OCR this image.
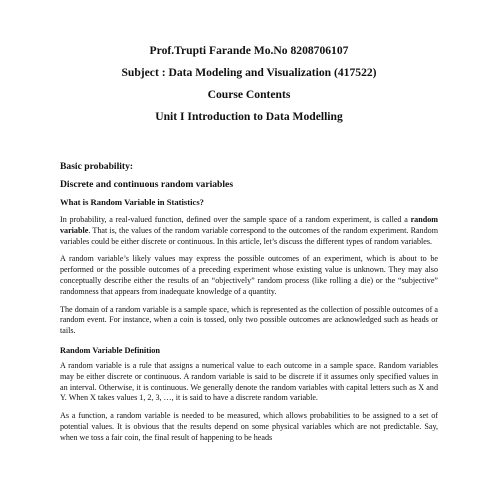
Prof.Trupti Farande Mo.No 8208706107
Subject : Data Modeling and Visualization (417522)
Course Contents
Unit I Introduction to Data Modelling
Basic probability:
Discrete and continuous random variables
What is Random Variable in Statistics?

In probability, a real-valued function, defined over the sample space of a random experiment, is called a random variable. That is, the values of the random variable correspond to the outcomes of the random experiment. Random variables could be either discrete or continuous. In this article, let’s discuss the different types of random variables.

A random variable’s likely values may express the possible outcomes of an experiment, which is about to be performed or the possible outcomes of a preceding experiment whose existing value is unknown. They may also conceptually describe either the results of an “objectively” random process (like rolling a die) or the “subjective” randomness that appears from inadequate knowledge of a quantity.

The domain of a random variable is a sample space, which is represented as the collection of possible outcomes of a random event. For instance, when a coin is tossed, only two possible outcomes are acknowledged such as heads or tails.

Random Variable Definition

A random variable is a rule that assigns a numerical value to each outcome in a sample space. Random variables may be either discrete or continuous. A random variable is said to be discrete if it assumes only specified values in an interval. Otherwise, it is continuous. We generally denote the random variables with capital letters such as X and Y. When X takes values 1, 2, 3, …, it is said to have a discrete random variable.

As a function, a random variable is needed to be measured, which allows probabilities to be assigned to a set of potential values. It is obvious that the results depend on some physical variables which are not predictable. Say, when we toss a fair coin, the final result of happening to be heads
